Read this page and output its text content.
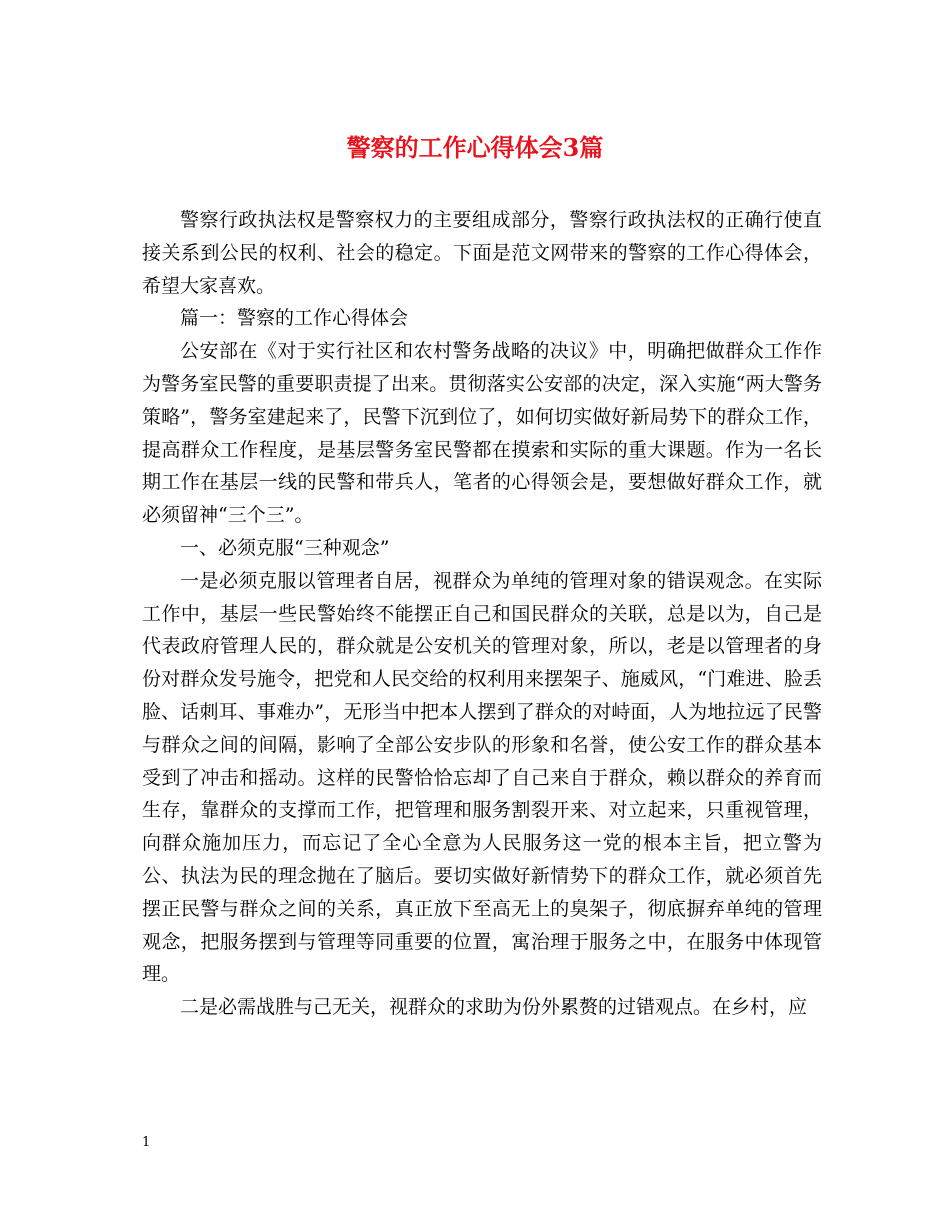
警察的工作心得体会3篇

警察行政执法权是警察权力的主要组成部分，警察行政执法权的正确行使直接关系到公民的权利、社会的稳定。下面是范文网带来的警察的工作心得体会，希望大家喜欢。

篇一：警察的工作心得体会

公安部在《对于实行社区和农村警务战略的决议》中，明确把做群众工作作为警务室民警的重要职责提了出来。贯彻落实公安部的决定，深入实施“两大警务策略”，警务室建起来了，民警下沉到位了，如何切实做好新局势下的群众工作，提高群众工作程度，是基层警务室民警都在摸索和实际的重大课题。作为一名长期工作在基层一线的民警和带兵人，笔者的心得领会是，要想做好群众工作，就必须留神“三个三”。

一、必须克服“三种观念”

一是必须克服以管理者自居，视群众为单纯的管理对象的错误观念。在实际工作中，基层一些民警始终不能摆正自己和国民群众的关联，总是以为，自己是代表政府管理人民的，群众就是公安机关的管理对象，所以，老是以管理者的身份对群众发号施令，把党和人民交给的权利用来摆架子、施威风，“门难进、脸丢脸、话刺耳、事难办”，无形当中把本人摆到了群众的对峙面，人为地拉远了民警与群众之间的间隔，影响了全部公安步队的形象和名誉，使公安工作的群众基本受到了冲击和摇动。这样的民警恰恰忘却了自己来自于群众，赖以群众的养育而生存，靠群众的支撑而工作，把管理和服务割裂开来、对立起来，只重视管理，向群众施加压力，而忘记了全心全意为人民服务这一党的根本主旨，把立警为公、执法为民的理念抛在了脑后。要切实做好新情势下的群众工作，就必须首先摆正民警与群众之间的关系，真正放下至高无上的臭架子，彻底摒弃单纯的管理观念，把服务摆到与管理等同重要的位置，寓治理于服务之中，在服务中体现管理。

二是必需战胜与己无关，视群众的求助为份外累赘的过错观点。在乡村，应

1
